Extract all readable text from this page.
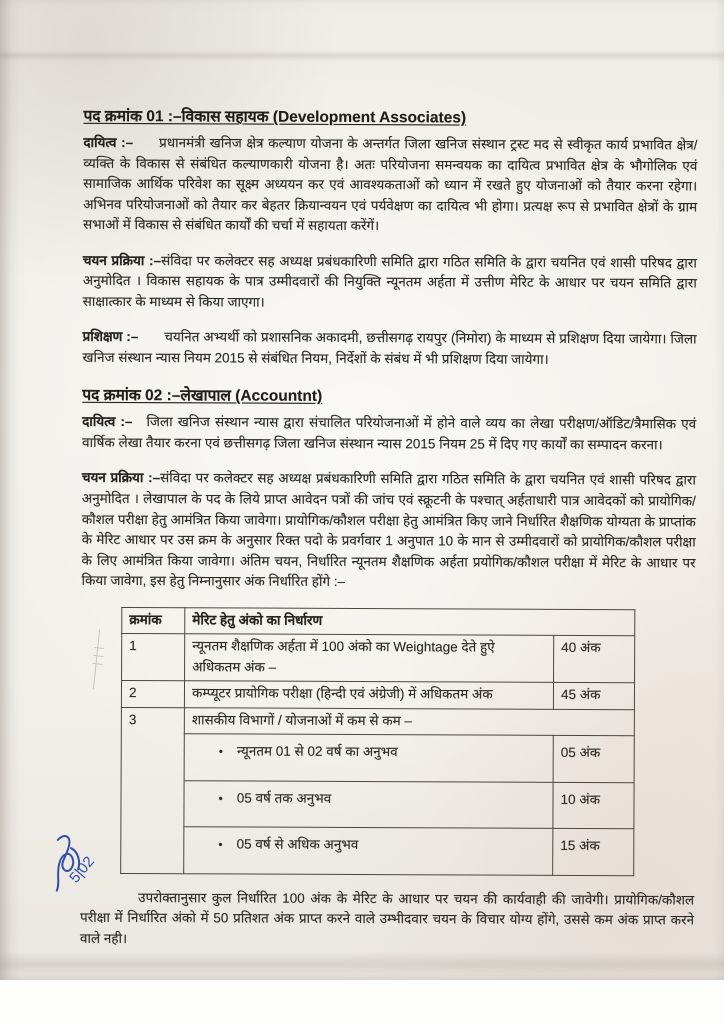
पद क्रमांक 01 :–विकास सहायक (Development Associates)

दायित्व :– प्रधानमंत्री खनिज क्षेत्र कल्याण योजना के अन्तर्गत जिला खनिज संस्थान ट्रस्ट मद से स्वीकृत कार्य प्रभावित क्षेत्र/व्यक्ति के विकास से संबंधित कल्याणकारी योजना है। अतः परियोजना समन्वयक का दायित्व प्रभावित क्षेत्र के भौगोलिक एवं सामाजिक आर्थिक परिवेश का सूक्ष्म अध्ययन कर एवं आवश्यकताओं को ध्यान में रखते हुए योजनाओं को तैयार करना रहेगा। अभिनव परियोजनाओं को तैयार कर बेहतर क्रियान्वयन एवं पर्यवेक्षण का दायित्व भी होगा। प्रत्यक्ष रूप से प्रभावित क्षेत्रों के ग्राम सभाओं में विकास से संबंधित कार्यों की चर्चा में सहायता करेंगें।

चयन प्रक्रिया :–संविदा पर कलेक्टर सह अध्यक्ष प्रबंधकारिणी समिति द्वारा गठित समिति के द्वारा चयनित एवं शासी परिषद द्वारा अनुमोदित । विकास सहायक के पात्र उम्मीदवारों की नियुक्ति न्यूनतम अर्हता में उत्तीण मेरिट के आधार पर चयन समिति द्वारा साक्षात्कार के माध्यम से किया जाएगा।

प्रशिक्षण :– चयनित अभ्यर्थी को प्रशासनिक अकादमी, छत्तीसगढ़ रायपुर (निमोरा) के माध्यम से प्रशिक्षण दिया जायेगा। जिला खनिज संस्थान न्यास नियम 2015 से संबंधित नियम, निर्देशों के संबंध में भी प्रशिक्षण दिया जायेगा।

पद क्रमांक 02 :–लेखापाल (Accountnt)

दायित्व :– जिला खनिज संस्थान न्यास द्वारा संचालित परियोजनाओं में होने वाले व्यय का लेखा परीक्षण/ऑडिट/त्रैमासिक एवं वार्षिक लेखा तैयार करना एवं छत्तीसगढ़ जिला खनिज संस्थान न्यास 2015 नियम 25 में दिए गए कार्यों का सम्पादन करना।

चयन प्रक्रिया :–संविदा पर कलेक्टर सह अध्यक्ष प्रबंधकारिणी समिति द्वारा गठित समिति के द्वारा चयनित एवं शासी परिषद द्वारा अनुमोदित । लेखापाल के पद के लिये प्राप्त आवेदन पत्रों की जांच एवं स्क्रूटनी के पश्चात् अर्हताधारी पात्र आवेदकों को प्रायोगिक/कौशल परीक्षा हेतु आमंत्रित किया जावेगा। प्रायोगिक/कौशल परीक्षा हेतु आमंत्रित किए जाने निर्धारित शैक्षणिक योग्यता के प्राप्तांक के मेरिट आधार पर उस क्रम के अनुसार रिक्त पदो के प्रवर्गवार 1 अनुपात 10 के मान से उम्मीदवारों को प्रायोगिक/कौशल परीक्षा के लिए आमंत्रित किया जावेगा। अंतिम चयन, निर्धारित न्यूनतम शैक्षणिक अर्हता प्रयोगिक/कौशल परीक्षा में मेरिट के आधार पर किया जावेगा, इस हेतु निम्नानुसार अंक निर्धारित होंगे :–

क्रमांक	मेरिट हेतु अंको का निर्धारण	
1	न्यूनतम शैक्षणिक अर्हता में 100 अंको का Weightage देते हुऐ अधिकतम अंक –	40 अंक
2	कम्प्यूटर प्रायोगिक परीक्षा (हिन्दी एवं अंग्रेजी) में अधिकतम अंक	45 अंक
3	शासकीय विभागों / योजनाओं में कम से कम –	
	• न्यूनतम 01 से 02 वर्ष का अनुभव	05 अंक
	• 05 वर्ष तक अनुभव	10 अंक
	• 05 वर्ष से अधिक अनुभव	15 अंक

उपरोक्तानुसार कुल निर्धारित 100 अंक के मेरिट के आधार पर चयन की कार्यवाही की जावेगी। प्रायोगिक/कौशल परीक्षा में निर्धारित अंको में 50 प्रतिशत अंक प्राप्त करने वाले उम्भीदवार चयन के विचार योग्य होंगे, उससे कम अंक प्राप्त करने वाले नही।

5|02
